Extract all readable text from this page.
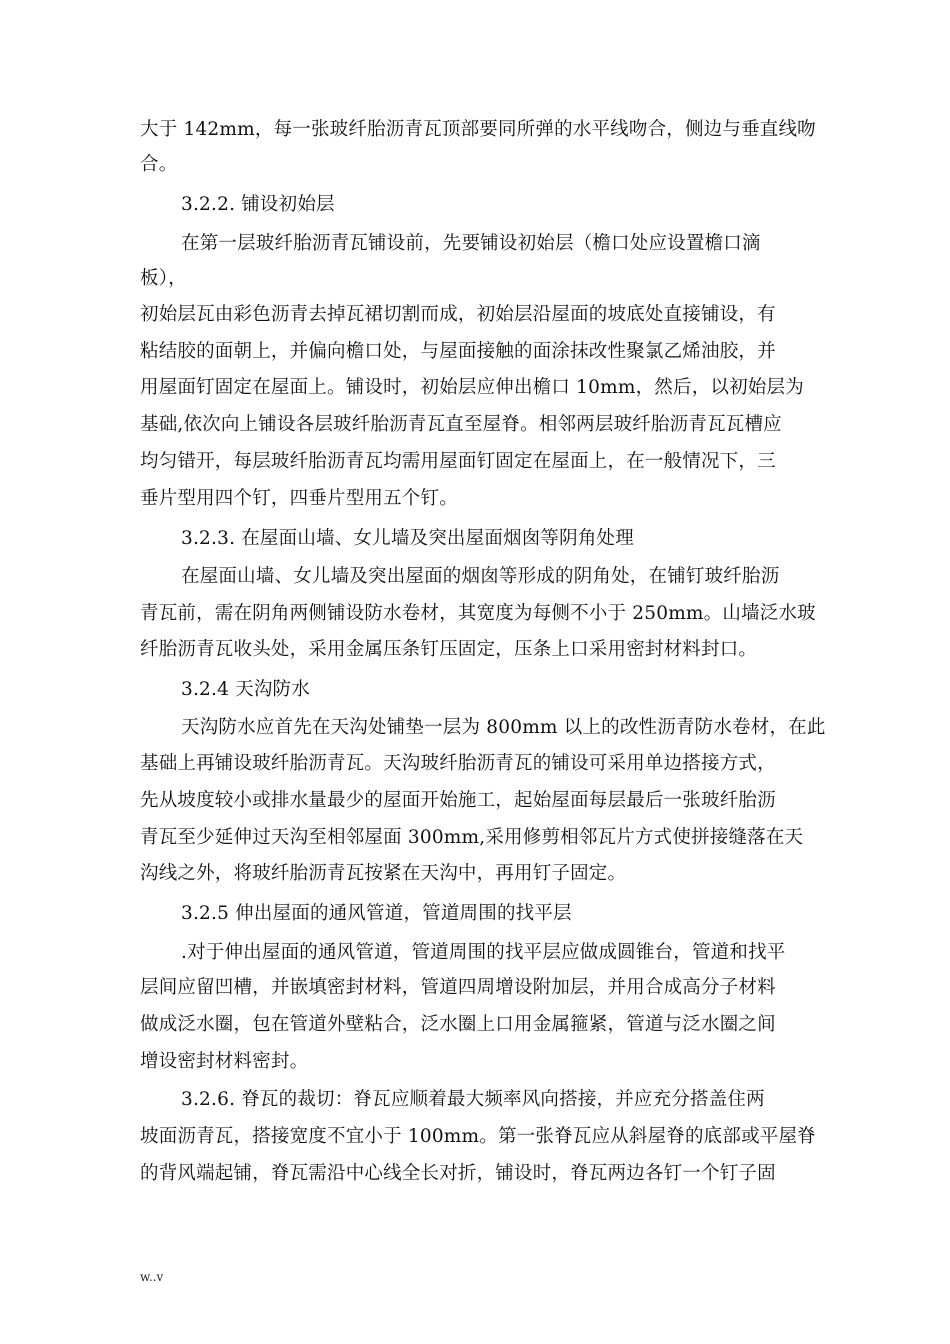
大于 142mm，每一张玻纤胎沥青瓦顶部要同所弹的水平线吻合，侧边与垂直线吻
合。
3.2.2. 铺设初始层
在第一层玻纤胎沥青瓦铺设前，先要铺设初始层（檐口处应设置檐口滴
板），
初始层瓦由彩色沥青去掉瓦裙切割而成，初始层沿屋面的坡底处直接铺设，有
粘结胶的面朝上，并偏向檐口处，与屋面接触的面涂抹改性聚氯乙烯油胶，并
用屋面钉固定在屋面上。铺设时，初始层应伸出檐口 10mm，然后，以初始层为
基础,依次向上铺设各层玻纤胎沥青瓦直至屋脊。相邻两层玻纤胎沥青瓦瓦槽应
均匀错开，每层玻纤胎沥青瓦均需用屋面钉固定在屋面上，在一般情况下，三
垂片型用四个钉，四垂片型用五个钉。
3.2.3. 在屋面山墙、女儿墙及突出屋面烟囱等阴角处理
在屋面山墙、女儿墙及突出屋面的烟囱等形成的阴角处，在铺钉玻纤胎沥
青瓦前，需在阴角两侧铺设防水卷材，其宽度为每侧不小于 250mm。山墙泛水玻
纤胎沥青瓦收头处，采用金属压条钉压固定，压条上口采用密封材料封口。
3.2.4 天沟防水
天沟防水应首先在天沟处铺垫一层为 800mm 以上的改性沥青防水卷材，在此
基础上再铺设玻纤胎沥青瓦。天沟玻纤胎沥青瓦的铺设可采用单边搭接方式，
先从坡度较小或排水量最少的屋面开始施工，起始屋面每层最后一张玻纤胎沥
青瓦至少延伸过天沟至相邻屋面 300mm,采用修剪相邻瓦片方式使拼接缝落在天
沟线之外，将玻纤胎沥青瓦按紧在天沟中，再用钉子固定。
3.2.5 伸出屋面的通风管道，管道周围的找平层
.对于伸出屋面的通风管道，管道周围的找平层应做成圆锥台，管道和找平
层间应留凹槽，并嵌填密封材料，管道四周增设附加层，并用合成高分子材料
做成泛水圈，包在管道外壁粘合，泛水圈上口用金属箍紧，管道与泛水圈之间
增设密封材料密封。
3.2.6. 脊瓦的裁切：脊瓦应顺着最大频率风向搭接，并应充分搭盖住两
坡面沥青瓦，搭接宽度不宜小于 100mm。第一张脊瓦应从斜屋脊的底部或平屋脊
的背风端起铺，脊瓦需沿中心线全长对折，铺设时，脊瓦两边各钉一个钉子固
w..v
